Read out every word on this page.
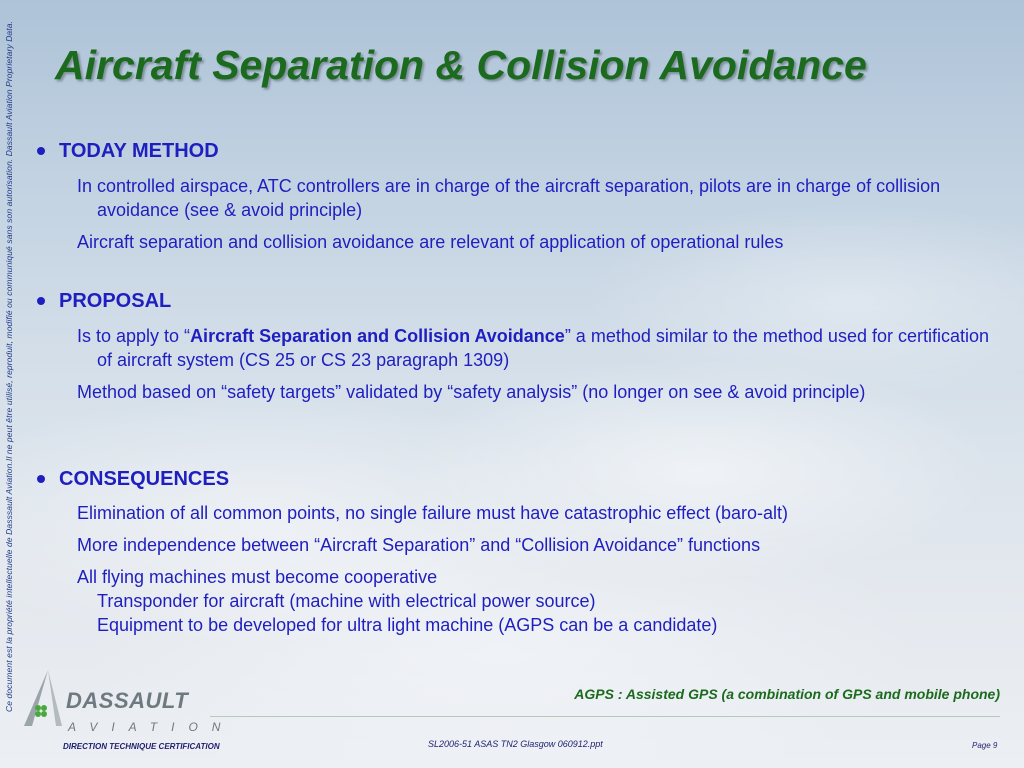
Ce document est la propriété intellectuelle de Dasssault Aviation.Il ne peut être utilisé, reproduit, modifié ou communiqué sans son autorisation. Dassault Aviation Proprietary Data. Aircraft Separation & Collision Avoidance
TODAY METHOD

In controlled airspace, ATC controllers are in charge of the aircraft separation, pilots are in charge of collision avoidance (see & avoid principle)

Aircraft separation and collision avoidance are relevant of application of operational rules

PROPOSAL

Is to apply to “Aircraft Separation and Collision Avoidance” a method similar to the method used for certification of aircraft system (CS 25 or CS 23 paragraph 1309)

Method based on “safety targets” validated by “safety analysis” (no longer on see & avoid principle)

CONSEQUENCES

Elimination of all common points, no single failure must have catastrophic effect (baro-alt)

More independence between “Aircraft Separation” and “Collision Avoidance” functions

All flying machines must become cooperative

Transponder for aircraft (machine with electrical power source)
Equipment to be developed for ultra light machine (AGPS can be a candidate)
AGPS : Assisted GPS (a combination of GPS and mobile phone)
DASSAULT
AVIATION
DIRECTION TECHNIQUE CERTIFICATION	SL2006-51 ASAS TN2 Glasgow 060912.ppt	Page 9
